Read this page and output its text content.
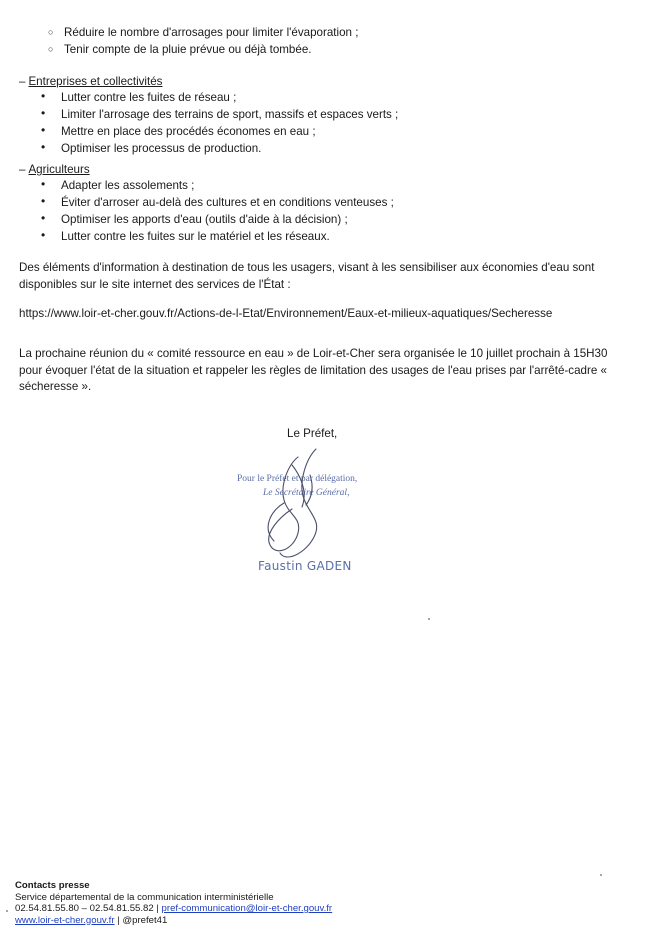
○ Réduire le nombre d'arrosages pour limiter l'évaporation ;
○ Tenir compte de la pluie prévue ou déjà tombée.
– Entreprises et collectivités
• Lutter contre les fuites de réseau ;
• Limiter l'arrosage des terrains de sport, massifs et espaces verts ;
• Mettre en place des procédés économes en eau ;
• Optimiser les processus de production.
– Agriculteurs
• Adapter les assolements ;
• Éviter d'arroser au-delà des cultures et en conditions venteuses ;
• Optimiser les apports d'eau (outils d'aide à la décision) ;
• Lutter contre les fuites sur le matériel et les réseaux.

Des éléments d'information à destination de tous les usagers, visant à les sensibiliser aux économies d'eau sont disponibles sur le site internet des services de l'État :

https://www.loir-et-cher.gouv.fr/Actions-de-l-Etat/Environnement/Eaux-et-milieux-aquatiques/Secheresse

La prochaine réunion du « comité ressource en eau » de Loir-et-Cher sera organisée le 10 juillet prochain à 15H30 pour évoquer l'état de la situation et rappeler les règles de limitation des usages de l'eau prises par l'arrêté-cadre « sécheresse ».

Le Préfet,
Pour le Préfet et par délégation,
Le Secrétaire Général,
Faustin GADEN
Contacts presse
Service départemental de la communication interministérielle
02.54.81.55.80 – 02.54.81.55.82 | pref-communication@loir-et-cher.gouv.fr
www.loir-et-cher.gouv.fr | @prefet41
